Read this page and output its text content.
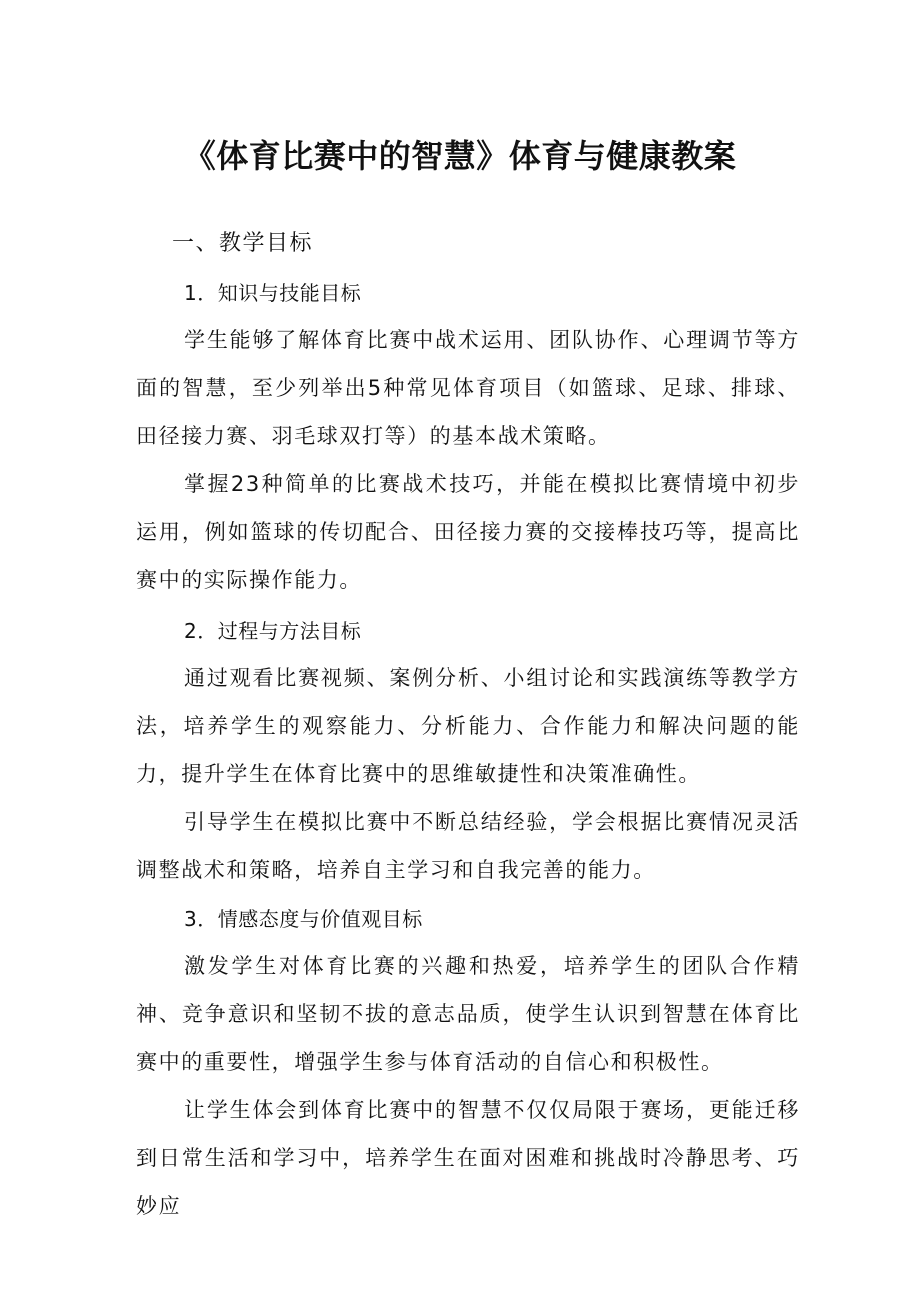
《体育比赛中的智慧》体育与健康教案
一、教学目标
1．知识与技能目标

学生能够了解体育比赛中战术运用、团队协作、心理调节等方面的智慧，至少列举出5种常见体育项目（如篮球、足球、排球、田径接力赛、羽毛球双打等）的基本战术策略。

掌握23种简单的比赛战术技巧，并能在模拟比赛情境中初步运用，例如篮球的传切配合、田径接力赛的交接棒技巧等，提高比赛中的实际操作能力。

2．过程与方法目标

通过观看比赛视频、案例分析、小组讨论和实践演练等教学方法，培养学生的观察能力、分析能力、合作能力和解决问题的能力，提升学生在体育比赛中的思维敏捷性和决策准确性。

引导学生在模拟比赛中不断总结经验，学会根据比赛情况灵活调整战术和策略，培养自主学习和自我完善的能力。

3．情感态度与价值观目标

激发学生对体育比赛的兴趣和热爱，培养学生的团队合作精神、竞争意识和坚韧不拔的意志品质，使学生认识到智慧在体育比赛中的重要性，增强学生参与体育活动的自信心和积极性。

让学生体会到体育比赛中的智慧不仅仅局限于赛场，更能迁移到日常生活和学习中，培养学生在面对困难和挑战时冷静思考、巧妙应
